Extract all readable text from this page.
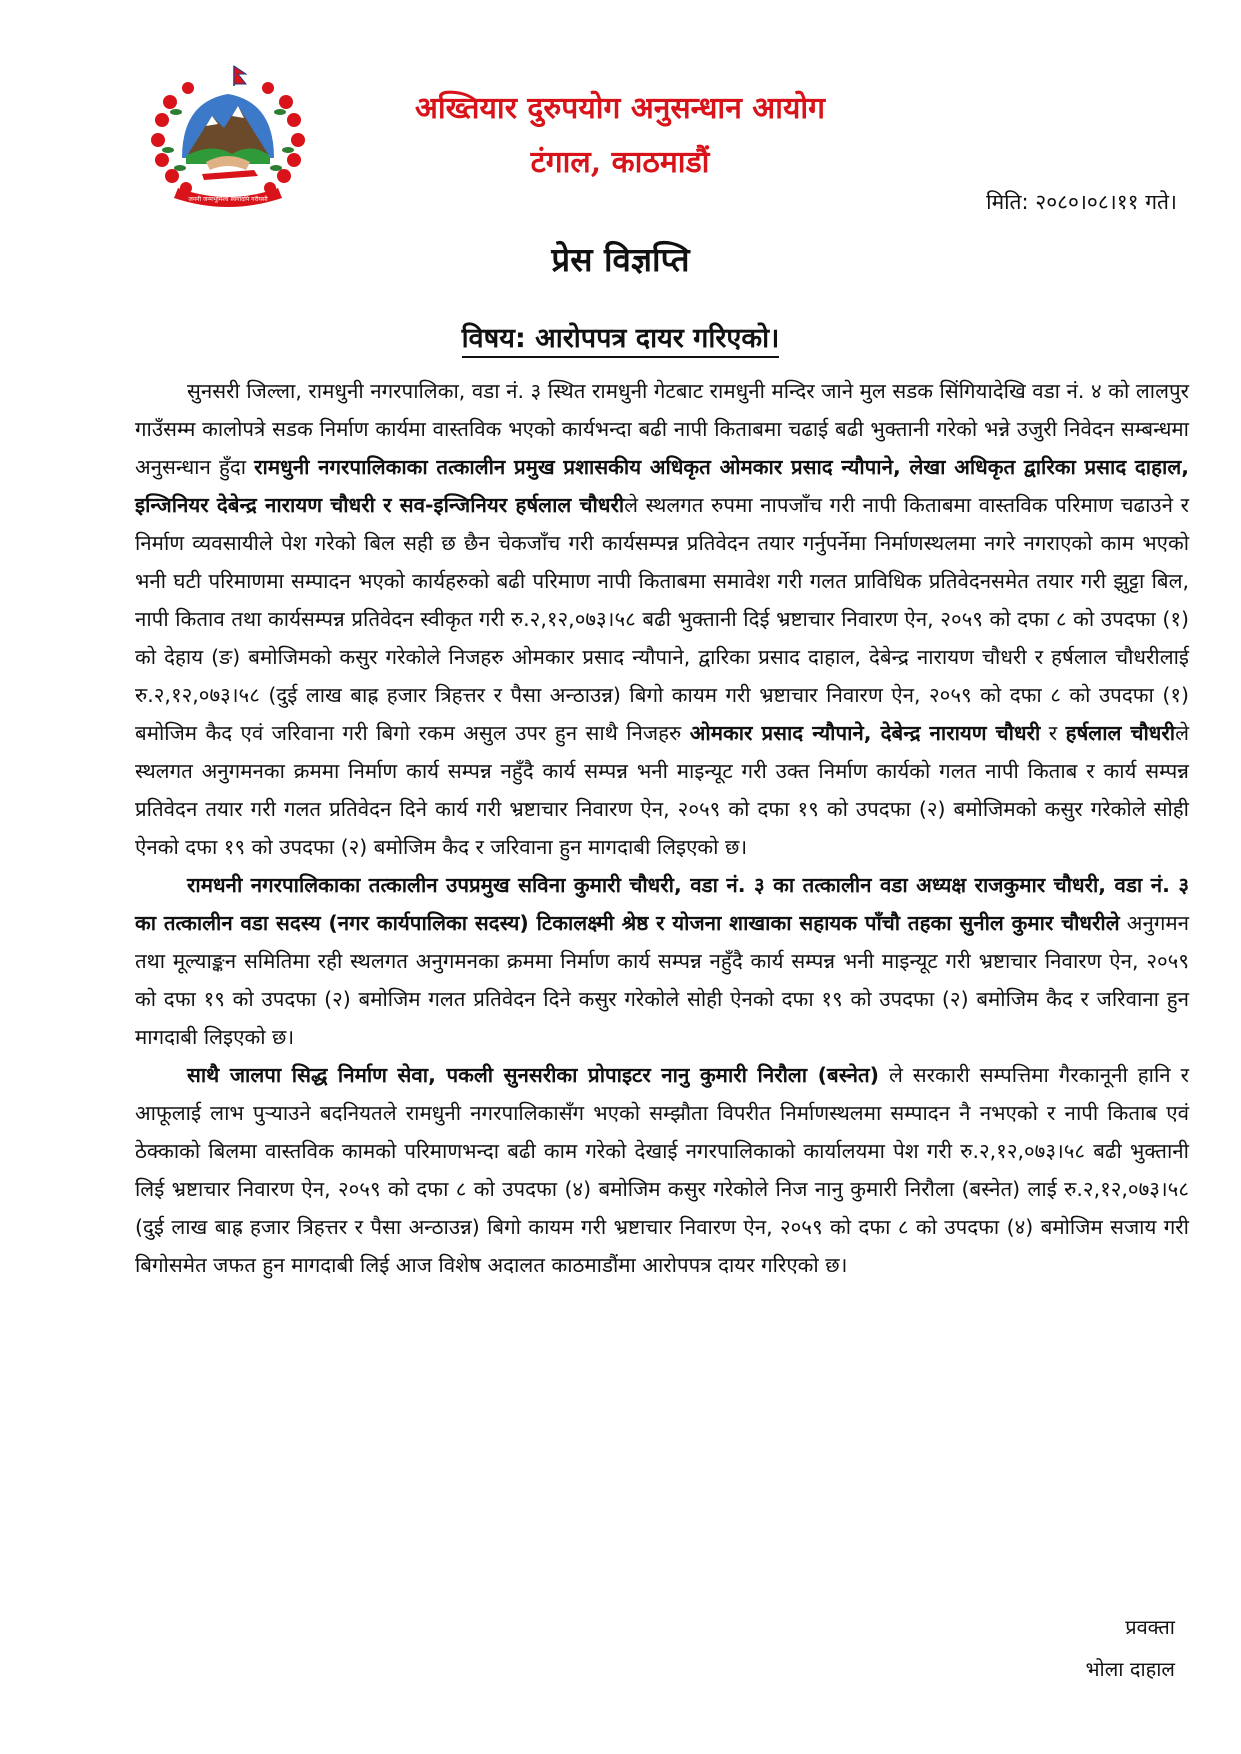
जननी जन्मभूमिश्च स्वर्गादपि गरीयसी
अख्तियार दुरुपयोग अनुसन्धान आयोग
टंगाल, काठमाडौं
मिति: २०८०।०८।११ गते।
प्रेस विज्ञप्ति
विषय: आरोपपत्र दायर गरिएको।

सुनसरी जिल्ला, रामधुनी नगरपालिका, वडा नं. ३ स्थित रामधुनी गेटबाट रामधुनी मन्दिर जाने मुल सडक सिंगियादेखि वडा नं. ४ को लालपुर गाउँसम्म कालोपत्रे सडक निर्माण कार्यमा वास्तविक भएको कार्यभन्दा बढी नापी किताबमा चढाई बढी भुक्तानी गरेको भन्ने उजुरी निवेदन सम्बन्धमा अनुसन्धान हुँदा रामधुनी नगरपालिकाका तत्कालीन प्रमुख प्रशासकीय अधिकृत ओमकार प्रसाद न्यौपाने, लेखा अधिकृत द्वारिका प्रसाद दाहाल, इन्जिनियर देबेन्द्र नारायण चौधरी र सव-इन्जिनियर हर्षलाल चौधरीले स्थलगत रुपमा नापजाँच गरी नापी किताबमा वास्तविक परिमाण चढाउने र निर्माण व्यवसायीले पेश गरेको बिल सही छ छैन चेकजाँच गरी कार्यसम्पन्न प्रतिवेदन तयार गर्नुपर्नेमा निर्माणस्थलमा नगरे नगराएको काम भएको भनी घटी परिमाणमा सम्पादन भएको कार्यहरुको बढी परिमाण नापी किताबमा समावेश गरी गलत प्राविधिक प्रतिवेदनसमेत तयार गरी झुट्टा बिल, नापी किताव तथा कार्यसम्पन्न प्रतिवेदन स्वीकृत गरी रु.२,१२,०७३।५८ बढी भुक्तानी दिई भ्रष्टाचार निवारण ऐन, २०५९ को दफा ८ को उपदफा (१) को देहाय (ङ) बमोजिमको कसुर गरेकोले निजहरु ओमकार प्रसाद न्यौपाने, द्वारिका प्रसाद दाहाल, देबेन्द्र नारायण चौधरी र हर्षलाल चौधरीलाई रु.२,१२,०७३।५८ (दुई लाख बाह्र हजार त्रिहत्तर र पैसा अन्ठाउन्न) बिगो कायम गरी भ्रष्टाचार निवारण ऐन, २०५९ को दफा ८ को उपदफा (१) बमोजिम कैद एवं जरिवाना गरी बिगो रकम असुल उपर हुन साथै निजहरु ओमकार प्रसाद न्यौपाने, देबेन्द्र नारायण चौधरी र हर्षलाल चौधरीले स्थलगत अनुगमनका क्रममा निर्माण कार्य सम्पन्न नहुँदै कार्य सम्पन्न भनी माइन्यूट गरी उक्त निर्माण कार्यको गलत नापी किताब र कार्य सम्पन्न प्रतिवेदन तयार गरी गलत प्रतिवेदन दिने कार्य गरी भ्रष्टाचार निवारण ऐन, २०५९ को दफा १९ को उपदफा (२) बमोजिमको कसुर गरेकोले सोही ऐनको दफा १९ को उपदफा (२) बमोजिम कैद र जरिवाना हुन मागदाबी लिइएको छ।

रामधनी नगरपालिकाका तत्कालीन उपप्रमुख सविना कुमारी चौधरी, वडा नं. ३ का तत्कालीन वडा अध्यक्ष राजकुमार चौधरी, वडा नं. ३ का तत्कालीन वडा सदस्य (नगर कार्यपालिका सदस्य) टिकालक्ष्मी श्रेष्ठ र योजना शाखाका सहायक पाँचौ तहका सुनील कुमार चौधरीले अनुगमन तथा मूल्याङ्कन समितिमा रही स्थलगत अनुगमनका क्रममा निर्माण कार्य सम्पन्न नहुँदै कार्य सम्पन्न भनी माइन्यूट गरी भ्रष्टाचार निवारण ऐन, २०५९ को दफा १९ को उपदफा (२) बमोजिम गलत प्रतिवेदन दिने कसुर गरेकोले सोही ऐनको दफा १९ को उपदफा (२) बमोजिम कैद र जरिवाना हुन मागदाबी लिइएको छ।

साथै जालपा सिद्ध निर्माण सेवा, पकली सुनसरीका प्रोपाइटर नानु कुमारी निरौला (बस्नेत) ले सरकारी सम्पत्तिमा गैरकानूनी हानि र आफूलाई लाभ पुऱ्याउने बदनियतले रामधुनी नगरपालिकासँग भएको सम्झौता विपरीत निर्माणस्थलमा सम्पादन नै नभएको र नापी किताब एवं ठेक्काको बिलमा वास्तविक कामको परिमाणभन्दा बढी काम गरेको देखाई नगरपालिकाको कार्यालयमा पेश गरी रु.२,१२,०७३।५८ बढी भुक्तानी लिई भ्रष्टाचार निवारण ऐन, २०५९ को दफा ८ को उपदफा (४) बमोजिम कसुर गरेकोले निज नानु कुमारी निरौला (बस्नेत) लाई रु.२,१२,०७३।५८ (दुई लाख बाह्र हजार त्रिहत्तर र पैसा अन्ठाउन्न) बिगो कायम गरी भ्रष्टाचार निवारण ऐन, २०५९ को दफा ८ को उपदफा (४) बमोजिम सजाय गरी बिगोसमेत जफत हुन मागदाबी लिई आज विशेष अदालत काठमाडौंमा आरोपपत्र दायर गरिएको छ।

प्रवक्ता
भोला दाहाल
